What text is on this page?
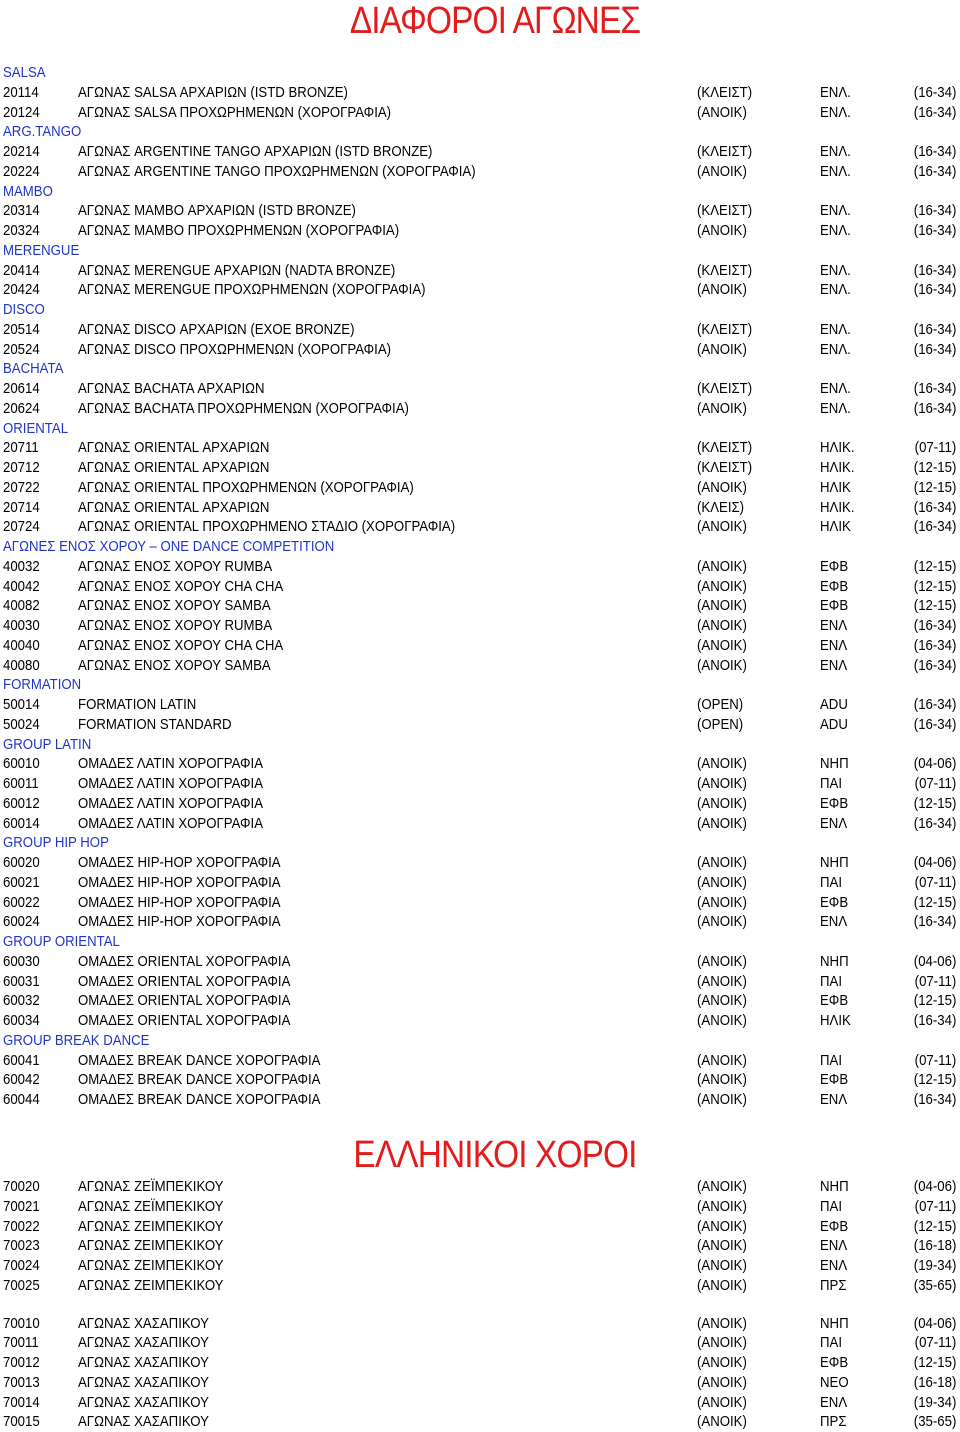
ΔΙΑΦΟΡΟΙ ΑΓΩΝΕΣ
SALSA
20114	ΑΓΩΝΑΣ SALSA ΑΡΧΑΡΙΩΝ (ISTD BRONZE)	(ΚΛΕΙΣΤ)	ΕΝΛ.	(16-34)
20124	ΑΓΩΝΑΣ SALSA ΠΡΟΧΩΡΗΜΕΝΩΝ (ΧΟΡΟΓΡΑΦΙΑ)	(ΑΝΟΙΚ)	ΕΝΛ.	(16-34)
ARG.TANGO
20214	ΑΓΩΝΑΣ ARGENTINE TANGO ΑΡΧΑΡΙΩΝ (ISTD BRONZE)	(ΚΛΕΙΣΤ)	ΕΝΛ.	(16-34)
20224	ΑΓΩΝΑΣ ARGENTINE TANGO ΠΡΟΧΩΡΗΜΕΝΩΝ (ΧΟΡΟΓΡΑΦΙΑ)	(ΑΝΟΙΚ)	ΕΝΛ.	(16-34)
MAMBO
20314	ΑΓΩΝΑΣ MAMBO ΑΡΧΑΡΙΩΝ (ISTD BRONZE)	(ΚΛΕΙΣΤ)	ΕΝΛ.	(16-34)
20324	ΑΓΩΝΑΣ MAMBO ΠΡΟΧΩΡΗΜΕΝΩΝ (ΧΟΡΟΓΡΑΦΙΑ)	(ΑΝΟΙΚ)	ΕΝΛ.	(16-34)
MERENGUE
20414	ΑΓΩΝΑΣ MERENGUE ΑΡΧΑΡΙΩΝ (NADTA BRONZE)	(ΚΛΕΙΣΤ)	ΕΝΛ.	(16-34)
20424	ΑΓΩΝΑΣ MERENGUE ΠΡΟΧΩΡΗΜΕΝΩΝ (ΧΟΡΟΓΡΑΦΙΑ)	(ΑΝΟΙΚ)	ΕΝΛ.	(16-34)
DISCO
20514	ΑΓΩΝΑΣ DISCO ΑΡΧΑΡΙΩΝ (EXOE BRONZE)	(ΚΛΕΙΣΤ)	ΕΝΛ.	(16-34)
20524	ΑΓΩΝΑΣ DISCO ΠΡΟΧΩΡΗΜΕΝΩΝ (ΧΟΡΟΓΡΑΦΙΑ)	(ΑΝΟΙΚ)	ΕΝΛ.	(16-34)
BACHATA
20614	ΑΓΩΝΑΣ BACHATA ΑΡΧΑΡΙΩΝ	(ΚΛΕΙΣΤ)	ΕΝΛ.	(16-34)
20624	ΑΓΩΝΑΣ BACHATA ΠΡΟΧΩΡΗΜΕΝΩΝ (ΧΟΡΟΓΡΑΦΙΑ)	(ΑΝΟΙΚ)	ΕΝΛ.	(16-34)
ORIENTAL
20711	ΑΓΩΝΑΣ ORIENTAL ΑΡΧΑΡΙΩΝ	(ΚΛΕΙΣΤ)	ΗΛΙΚ.	(07-11)
20712	ΑΓΩΝΑΣ ORIENTAL ΑΡΧΑΡΙΩΝ	(ΚΛΕΙΣΤ)	ΗΛΙΚ.	(12-15)
20722	ΑΓΩΝΑΣ ORIENTAL ΠΡΟΧΩΡΗΜΕΝΩΝ (ΧΟΡΟΓΡΑΦΙΑ)	(ΑΝΟΙΚ)	ΗΛΙΚ	(12-15)
20714	ΑΓΩΝΑΣ ORIENTAL ΑΡΧΑΡΙΩΝ	(ΚΛΕΙΣ)	ΗΛΙΚ.	(16-34)
20724	ΑΓΩΝΑΣ ORIENTAL ΠΡΟΧΩΡΗΜΕΝΟ ΣΤΑΔΙΟ (ΧΟΡΟΓΡΑΦΙΑ)	(ΑΝΟΙΚ)	ΗΛΙΚ	(16-34)
ΑΓΩΝΕΣ ΕΝΟΣ ΧΟΡΟΥ – ONE DANCE COMPETITION
40032	ΑΓΩΝΑΣ ΕΝΟΣ ΧΟΡΟΥ RUMBA	(ΑΝΟΙΚ)	ΕΦΒ	(12-15)
40042	ΑΓΩΝΑΣ ΕΝΟΣ ΧΟΡΟΥ CHA CHA	(ΑΝΟΙΚ)	ΕΦΒ	(12-15)
40082	ΑΓΩΝΑΣ ΕΝΟΣ ΧΟΡΟΥ SAMBA	(ΑΝΟΙΚ)	ΕΦΒ	(12-15)
40030	ΑΓΩΝΑΣ ΕΝΟΣ ΧΟΡΟΥ RUMBA	(ΑΝΟΙΚ)	ΕΝΛ	(16-34)
40040	ΑΓΩΝΑΣ ΕΝΟΣ ΧΟΡΟΥ CHA CHA	(ΑΝΟΙΚ)	ΕΝΛ	(16-34)
40080	ΑΓΩΝΑΣ ΕΝΟΣ ΧΟΡΟΥ SAMBA	(ΑΝΟΙΚ)	ΕΝΛ	(16-34)
FORMATION
50014	FORMATION LATIN	(OPEN)	ADU	(16-34)
50024	FORMATION STANDARD	(OPEN)	ADU	(16-34)
GROUP LATIN
60010	ΟΜΑΔΕΣ ΛΑΤΙΝ ΧΟΡΟΓΡΑΦΙΑ	(ΑΝΟΙΚ)	ΝΗΠ	(04-06)
60011	ΟΜΑΔΕΣ ΛΑΤΙΝ ΧΟΡΟΓΡΑΦΙΑ	(ΑΝΟΙΚ)	ΠΑΙ	(07-11)
60012	ΟΜΑΔΕΣ ΛΑΤΙΝ ΧΟΡΟΓΡΑΦΙΑ	(ΑΝΟΙΚ)	ΕΦΒ	(12-15)
60014	ΟΜΑΔΕΣ ΛΑΤΙΝ ΧΟΡΟΓΡΑΦΙΑ	(ΑΝΟΙΚ)	ΕΝΛ	(16-34)
GROUP HIP HOP
60020	ΟΜΑΔΕΣ HIP-HOP ΧΟΡΟΓΡΑΦΙΑ	(ΑΝΟΙΚ)	ΝΗΠ	(04-06)
60021	ΟΜΑΔΕΣ HIP-HOP ΧΟΡΟΓΡΑΦΙΑ	(ΑΝΟΙΚ)	ΠΑΙ	(07-11)
60022	ΟΜΑΔΕΣ HIP-HOP ΧΟΡΟΓΡΑΦΙΑ	(ΑΝΟΙΚ)	ΕΦΒ	(12-15)
60024	ΟΜΑΔΕΣ HIP-HOP ΧΟΡΟΓΡΑΦΙΑ	(ΑΝΟΙΚ)	ΕΝΛ	(16-34)
GROUP ORIENTAL
60030	ΟΜΑΔΕΣ ORIENTAL ΧΟΡΟΓΡΑΦΙΑ	(ΑΝΟΙΚ)	ΝΗΠ	(04-06)
60031	ΟΜΑΔΕΣ ORIENTAL ΧΟΡΟΓΡΑΦΙΑ	(ΑΝΟΙΚ)	ΠΑΙ	(07-11)
60032	ΟΜΑΔΕΣ ORIENTAL ΧΟΡΟΓΡΑΦΙΑ	(ΑΝΟΙΚ)	ΕΦΒ	(12-15)
60034	ΟΜΑΔΕΣ ORIENTAL ΧΟΡΟΓΡΑΦΙΑ	(ΑΝΟΙΚ)	ΗΛΙΚ	(16-34)
GROUP BREAK DANCE
60041	ΟΜΑΔΕΣ BREAK DANCE ΧΟΡΟΓΡΑΦΙΑ	(ΑΝΟΙΚ)	ΠΑΙ	(07-11)
60042	ΟΜΑΔΕΣ BREAK DANCE ΧΟΡΟΓΡΑΦΙΑ	(ΑΝΟΙΚ)	ΕΦΒ	(12-15)
60044	ΟΜΑΔΕΣ BREAK DANCE ΧΟΡΟΓΡΑΦΙΑ	(ΑΝΟΙΚ)	ΕΝΛ	(16-34)
70020	ΑΓΩΝΑΣ ΖΕΪΜΠΕΚΙΚΟΥ	(ΑΝΟΙΚ)	ΝΗΠ	(04-06)
70021	ΑΓΩΝΑΣ ΖΕΪΜΠΕΚΙΚΟΥ	(ΑΝΟΙΚ)	ΠΑΙ	(07-11)
70022	ΑΓΩΝΑΣ ΖΕΙΜΠΕΚΙΚΟΥ	(ΑΝΟΙΚ)	ΕΦΒ	(12-15)
70023	ΑΓΩΝΑΣ ΖΕΙΜΠΕΚΙΚΟΥ	(ΑΝΟΙΚ)	ΕΝΛ	(16-18)
70024	ΑΓΩΝΑΣ ΖΕΙΜΠΕΚΙΚΟΥ	(ΑΝΟΙΚ)	ΕΝΛ	(19-34)
70025	ΑΓΩΝΑΣ ΖΕΙΜΠΕΚΙΚΟΥ	(ΑΝΟΙΚ)	ΠΡΣ	(35-65)
70010	ΑΓΩΝΑΣ ΧΑΣΑΠΙΚΟΥ	(ΑΝΟΙΚ)	ΝΗΠ	(04-06)
70011	ΑΓΩΝΑΣ ΧΑΣΑΠΙΚΟΥ	(ΑΝΟΙΚ)	ΠΑΙ	(07-11)
70012	ΑΓΩΝΑΣ ΧΑΣΑΠΙΚΟΥ	(ΑΝΟΙΚ)	ΕΦΒ	(12-15)
70013	ΑΓΩΝΑΣ ΧΑΣΑΠΙΚΟΥ	(ΑΝΟΙΚ)	ΝΕΟ	(16-18)
70014	ΑΓΩΝΑΣ ΧΑΣΑΠΙΚΟΥ	(ΑΝΟΙΚ)	ΕΝΛ	(19-34)
70015	ΑΓΩΝΑΣ ΧΑΣΑΠΙΚΟΥ	(ΑΝΟΙΚ)	ΠΡΣ	(35-65)
ΕΛΛΗΝΙΚΟΙ ΧΟΡΟΙ
